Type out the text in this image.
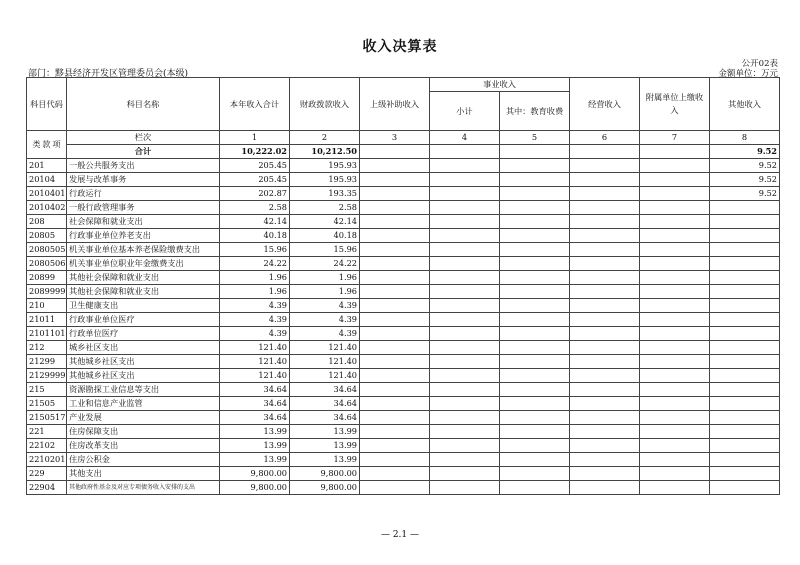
收入决算表
公开02表
金额单位：万元
部门：黟县经济开发区管理委员会(本级)
科目代码	科目名称	本年收入合计	财政拨款收入	上级补助收入	事业收入		经营收入	附属单位上缴收入	其他收入
					小计	其中：教育收费			
类 款 项	栏次	1	2	3	4	5	6	7	8
	合计	10,222.02	10,212.50						9.52
201	一般公共服务支出	205.45	195.93						9.52
20104	发展与改革事务	205.45	195.93						9.52
2010401	行政运行	202.87	193.35						9.52
2010402	一般行政管理事务	2.58	2.58						
208	社会保障和就业支出	42.14	42.14						
20805	行政事业单位养老支出	40.18	40.18						
2080505	机关事业单位基本养老保险缴费支出	15.96	15.96						
2080506	机关事业单位职业年金缴费支出	24.22	24.22						
20899	其他社会保障和就业支出	1.96	1.96						
2089999	其他社会保障和就业支出	1.96	1.96						
210	卫生健康支出	4.39	4.39						
21011	行政事业单位医疗	4.39	4.39						
2101101	行政单位医疗	4.39	4.39						
212	城乡社区支出	121.40	121.40						
21299	其他城乡社区支出	121.40	121.40						
2129999	其他城乡社区支出	121.40	121.40						
215	资源勘探工业信息等支出	34.64	34.64						
21505	工业和信息产业监管	34.64	34.64						
2150517	产业发展	34.64	34.64						
221	住房保障支出	13.99	13.99						
22102	住房改革支出	13.99	13.99						
2210201	住房公积金	13.99	13.99						
229	其他支出	9,800.00	9,800.00						
22904	其他政府性基金及对应专项债务收入安排的支出	9,800.00	9,800.00						
— 2.1 —
